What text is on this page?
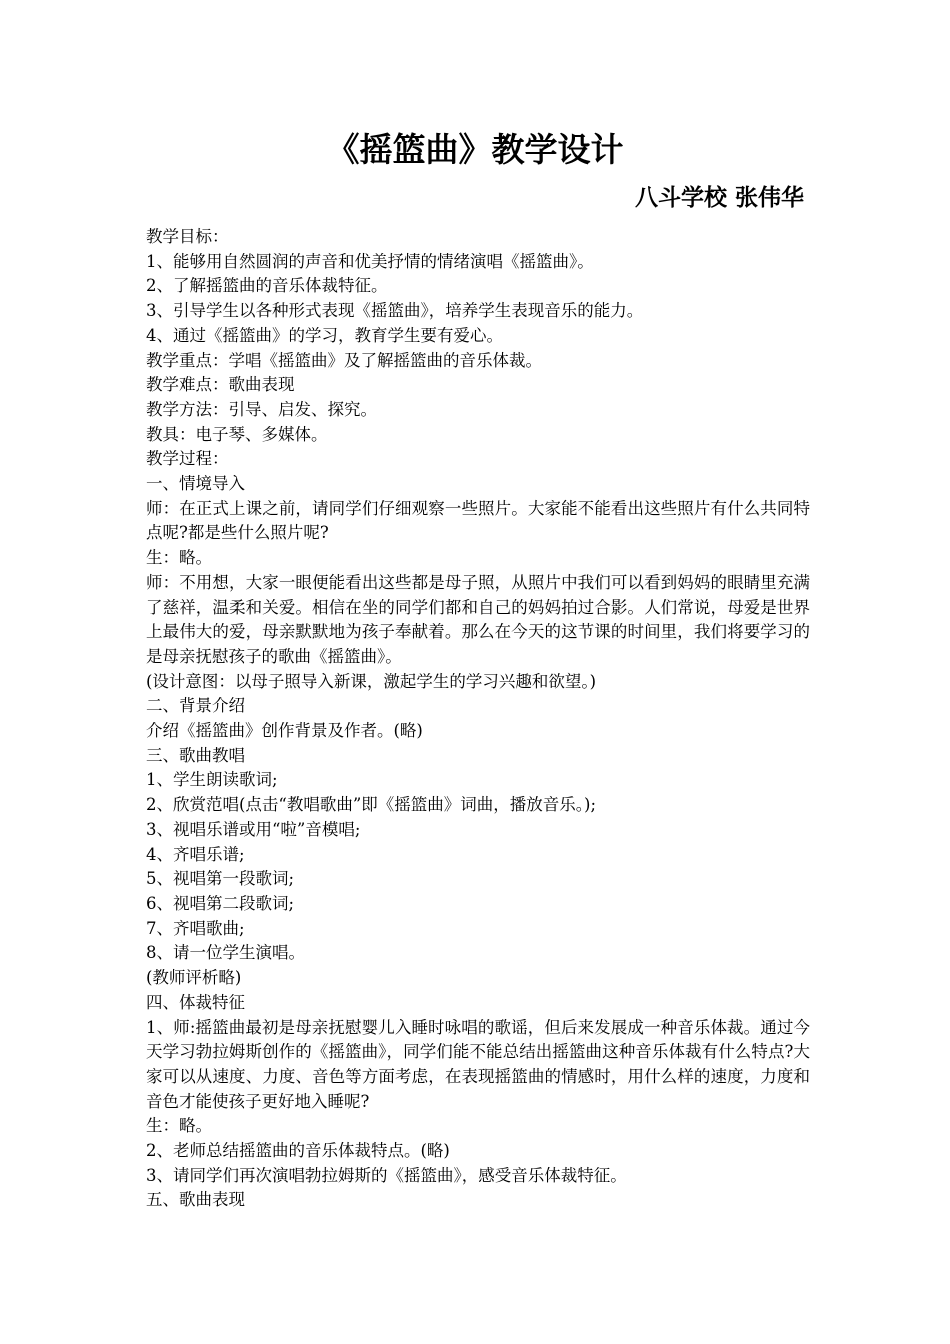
《摇篮曲》教学设计
八斗学校 张伟华

教学目标：

1、能够用自然圆润的声音和优美抒情的情绪演唱《摇篮曲》。

2、了解摇篮曲的音乐体裁特征。

3、引导学生以各种形式表现《摇篮曲》，培养学生表现音乐的能力。

4、通过《摇篮曲》的学习，教育学生要有爱心。

教学重点：学唱《摇篮曲》及了解摇篮曲的音乐体裁。

教学难点：歌曲表现

教学方法：引导、启发、探究。

教具：电子琴、多媒体。

教学过程：

一、情境导入

师：在正式上课之前，请同学们仔细观察一些照片。大家能不能看出这些照片有什么共同特点呢?都是些什么照片呢?

生：略。

师：不用想，大家一眼便能看出这些都是母子照，从照片中我们可以看到妈妈的眼睛里充满了慈祥，温柔和关爱。相信在坐的同学们都和自己的妈妈拍过合影。人们常说，母爱是世界上最伟大的爱，母亲默默地为孩子奉献着。那么在今天的这节课的时间里，我们将要学习的是母亲抚慰孩子的歌曲《摇篮曲》。

(设计意图：以母子照导入新课，激起学生的学习兴趣和欲望。)

二、背景介绍

介绍《摇篮曲》创作背景及作者。(略)

三、歌曲教唱

1、学生朗读歌词;

2、欣赏范唱(点击“教唱歌曲”即《摇篮曲》词曲，播放音乐。);

3、视唱乐谱或用“啦”音模唱;

4、齐唱乐谱;

5、视唱第一段歌词;

6、视唱第二段歌词;

7、齐唱歌曲;

8、请一位学生演唱。

(教师评析略)

四、体裁特征

1、师:摇篮曲最初是母亲抚慰婴儿入睡时咏唱的歌谣，但后来发展成一种音乐体裁。通过今天学习勃拉姆斯创作的《摇篮曲》，同学们能不能总结出摇篮曲这种音乐体裁有什么特点?大家可以从速度、力度、音色等方面考虑，在表现摇篮曲的情感时，用什么样的速度，力度和音色才能使孩子更好地入睡呢?

生：略。

2、老师总结摇篮曲的音乐体裁特点。(略)

3、请同学们再次演唱勃拉姆斯的《摇篮曲》，感受音乐体裁特征。

五、歌曲表现
